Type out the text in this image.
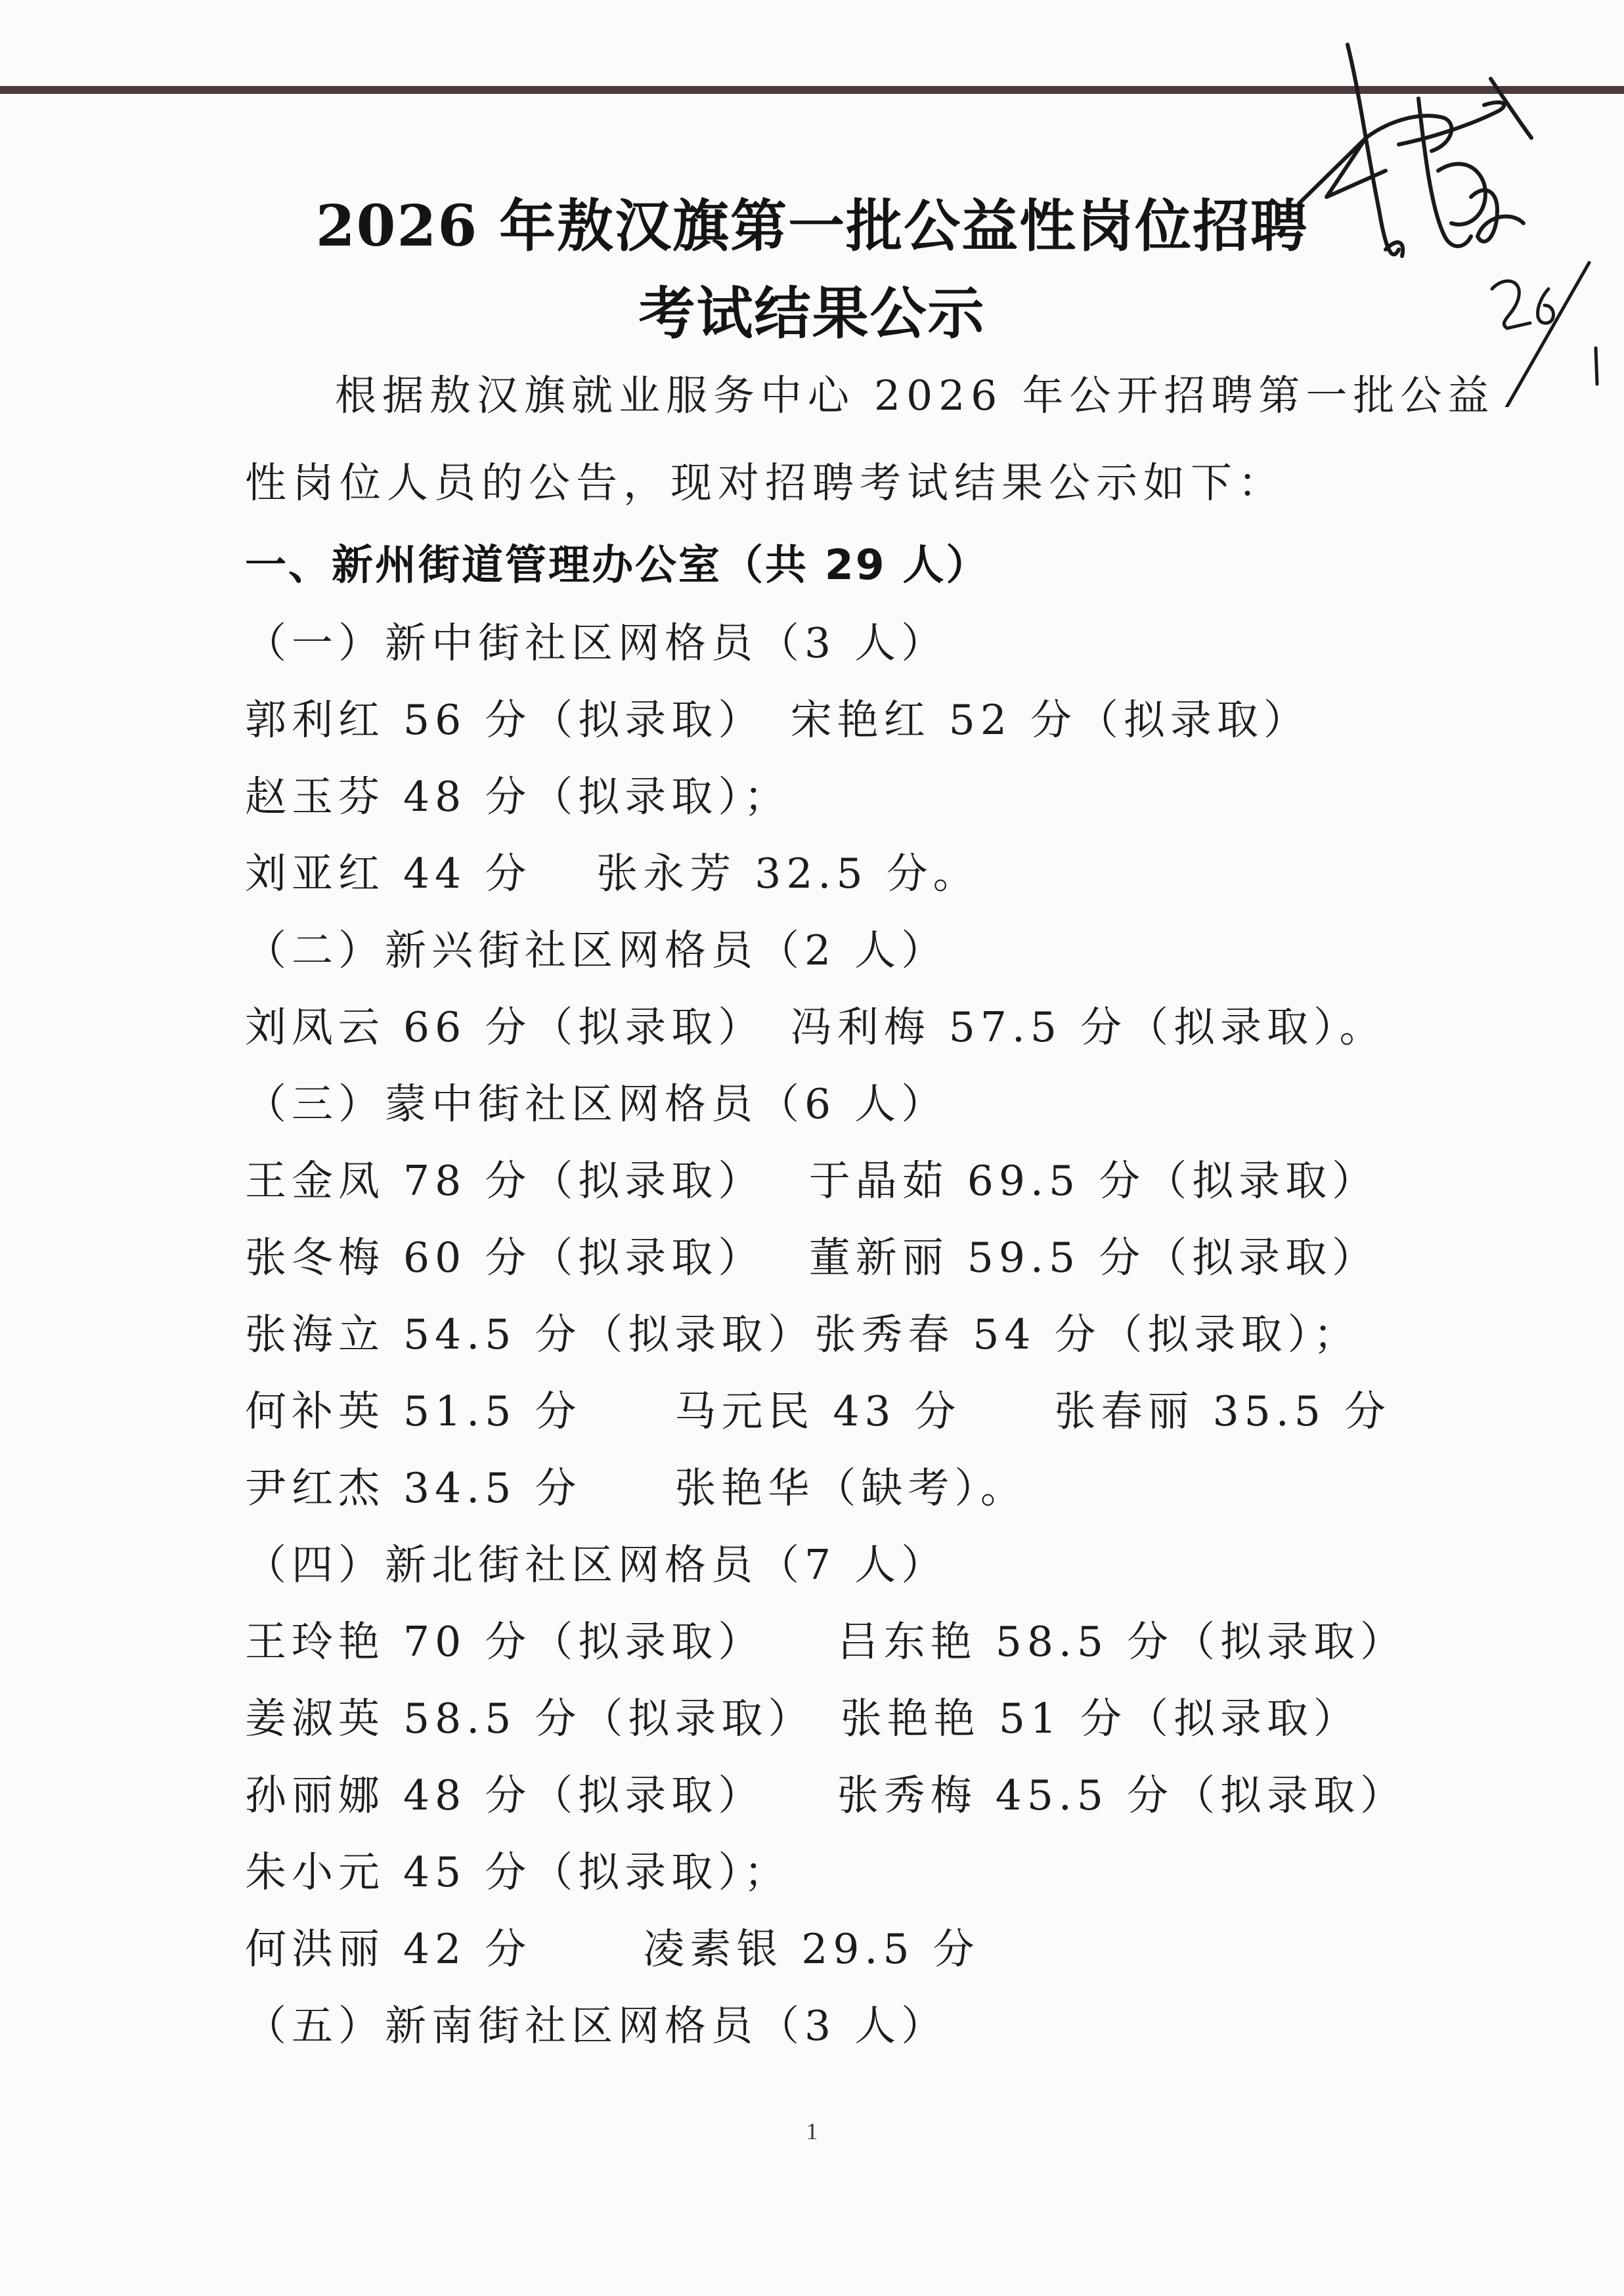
2026 年敖汉旗第一批公益性岗位招聘
考试结果公示
根据敖汉旗就业服务中心 2026 年公开招聘第一批公益
性岗位人员的公告，现对招聘考试结果公示如下：
一、新州街道管理办公室（共 29 人）
（一）新中街社区网格员（3 人）
郭利红 56 分（拟录取）　宋艳红 52 分（拟录取）
赵玉芬 48 分（拟录取）；
刘亚红 44 分　 张永芳 32.5 分。
（二）新兴街社区网格员（2 人）
刘凤云 66 分（拟录取）　冯利梅 57.5 分（拟录取）。
（三）蒙中街社区网格员（6 人）
王金凤 78 分（拟录取）　 于晶茹 69.5 分（拟录取）
张冬梅 60 分（拟录取）　 董新丽 59.5 分（拟录取）
张海立 54.5 分（拟录取）张秀春 54 分（拟录取）；
何补英 51.5 分　　马元民 43 分　　张春丽 35.5 分
尹红杰 34.5 分　　张艳华（缺考）。
（四）新北街社区网格员（7 人）
王玲艳 70 分（拟录取）　　吕东艳 58.5 分（拟录取）
姜淑英 58.5 分（拟录取）　张艳艳 51 分（拟录取）
孙丽娜 48 分（拟录取）　　张秀梅 45.5 分（拟录取）
朱小元 45 分（拟录取）；
何洪丽 42 分　　 凌素银 29.5 分
（五）新南街社区网格员（3 人）
1
